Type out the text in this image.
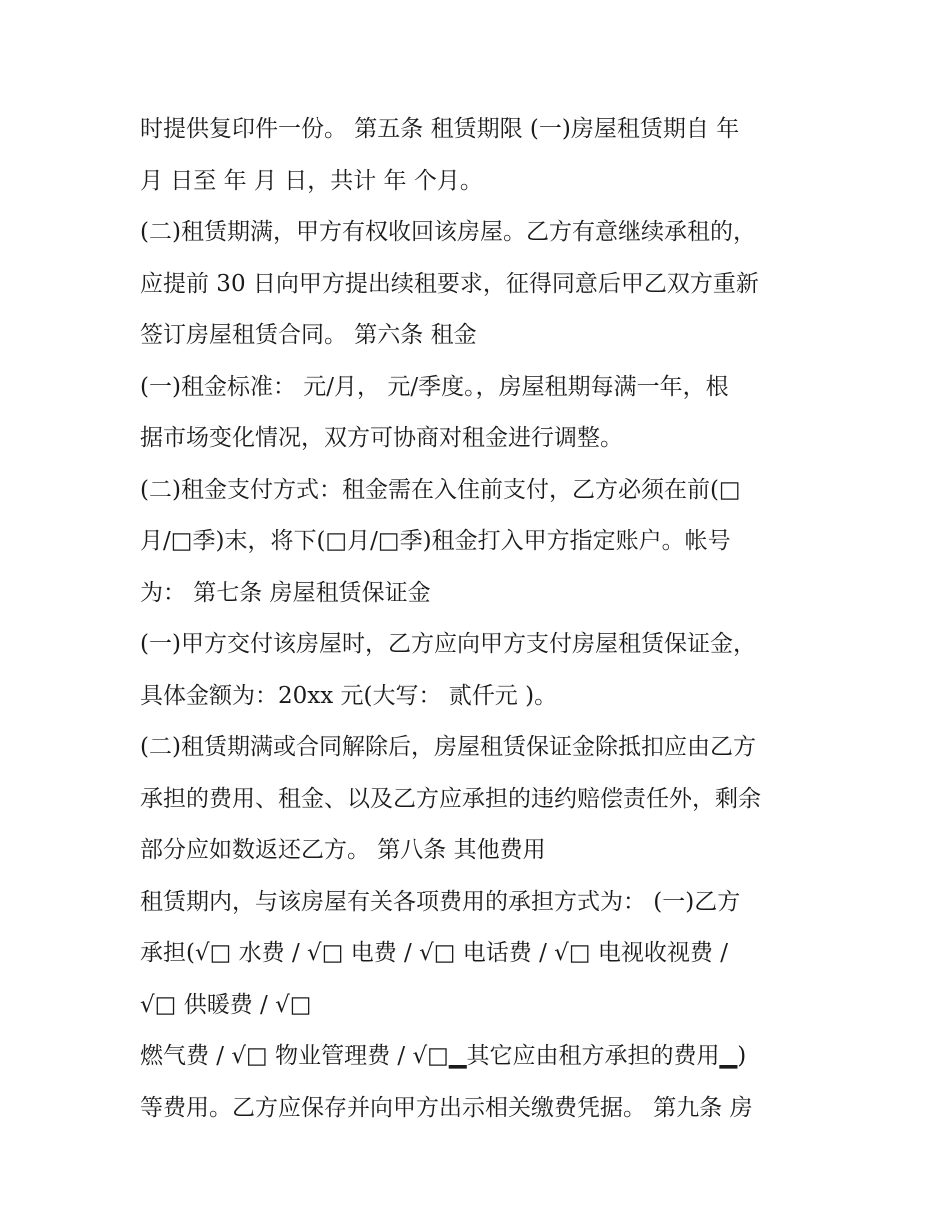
时提供复印件一份。 第五条 租赁期限 (一)房屋租赁期自 年
月 日至 年 月 日，共计 年 个月。
(二)租赁期满，甲方有权收回该房屋。乙方有意继续承租的，
应提前 30 日向甲方提出续租要求，征得同意后甲乙双方重新
签订房屋租赁合同。 第六条 租金
(一)租金标准： 元/月， 元/季度。，房屋租期每满一年，根
据市场变化情况，双方可协商对租金进行调整。
(二)租金支付方式：租金需在入住前支付，乙方必须在前(□
月/□季)末，将下(□月/□季)租金打入甲方指定账户。帐号
为： 第七条 房屋租赁保证金
(一)甲方交付该房屋时，乙方应向甲方支付房屋租赁保证金，
具体金额为：20xx 元(大写： 贰仟元 )。
(二)租赁期满或合同解除后，房屋租赁保证金除抵扣应由乙方
承担的费用、租金、以及乙方应承担的违约赔偿责任外，剩余
部分应如数返还乙方。 第八条 其他费用
租赁期内，与该房屋有关各项费用的承担方式为： (一)乙方
承担(√□ 水费 / √□ 电费 / √□ 电话费 / √□ 电视收视费 /
√□ 供暖费 / √□
燃气费 / √□ 物业管理费 / √□▁其它应由租方承担的费用▁)
等费用。乙方应保存并向甲方出示相关缴费凭据。 第九条 房
